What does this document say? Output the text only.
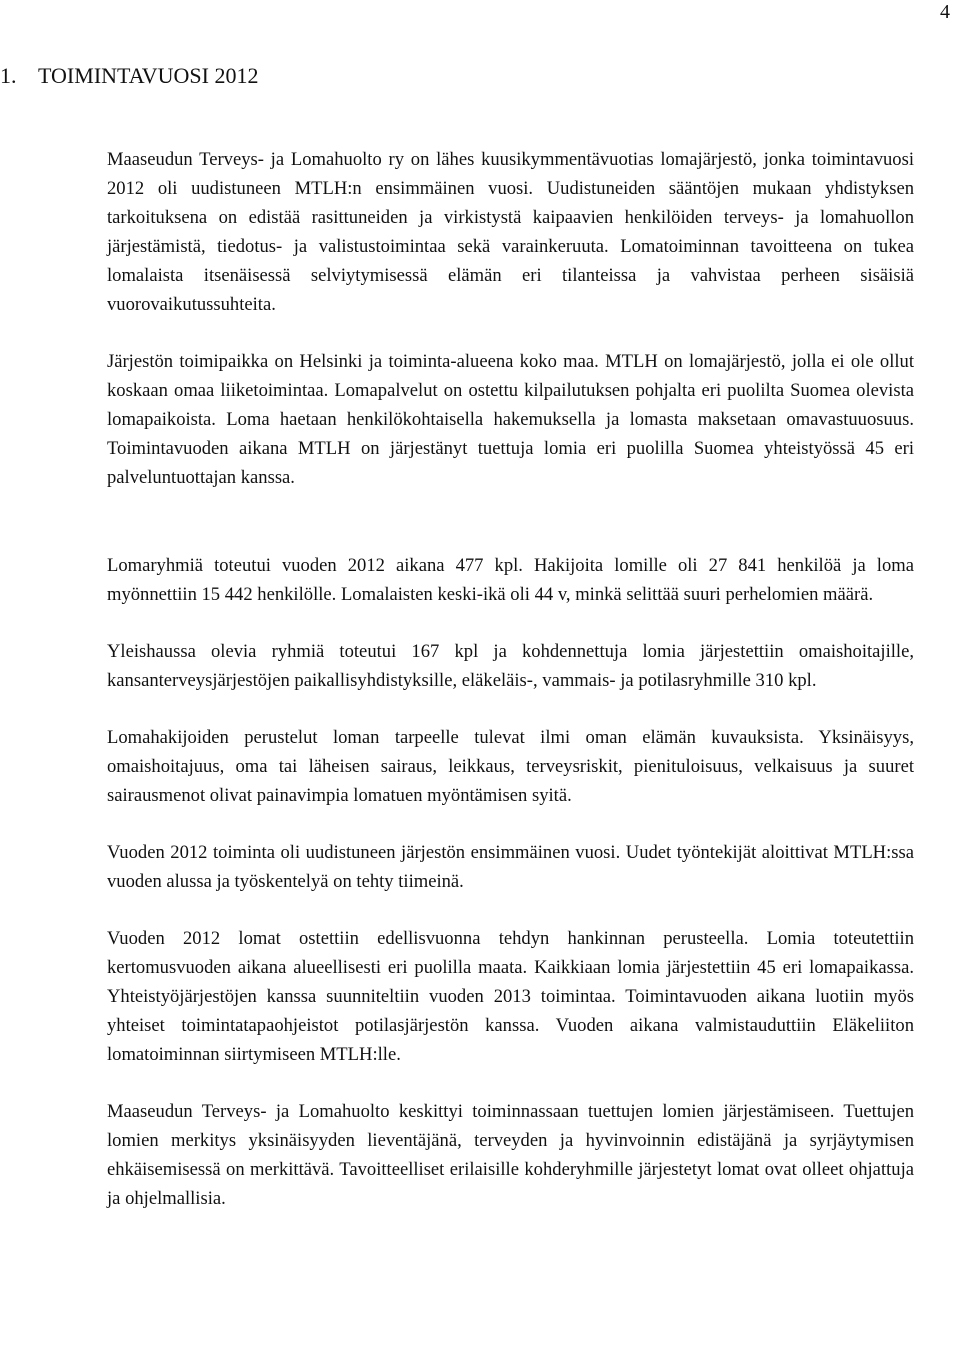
4
1. TOIMINTAVUOSI 2012

Maaseudun Terveys- ja Lomahuolto ry on lähes kuusikymmentävuotias lomajärjestö, jonka toimintavuosi 2012 oli uudistuneen MTLH:n ensimmäinen vuosi. Uudistuneiden sääntöjen mukaan yhdistyksen tarkoituksena on edistää rasittuneiden ja virkistystä kaipaavien henkilöiden terveys- ja lomahuollon järjestämistä, tiedotus- ja valistustoimintaa sekä varainkeruuta. Lomatoiminnan tavoitteena on tukea lomalaista itsenäisessä selviytymisessä elämän eri tilanteissa ja vahvistaa perheen sisäisiä vuorovaikutussuhteita.

Järjestön toimipaikka on Helsinki ja toiminta-alueena koko maa. MTLH on lomajärjestö, jolla ei ole ollut koskaan omaa liiketoimintaa. Lomapalvelut on ostettu kilpailutuksen pohjalta eri puolilta Suomea olevista lomapaikoista. Loma haetaan henkilökohtaisella hakemuksella ja lomasta maksetaan omavastuuosuus. Toimintavuoden aikana MTLH on järjestänyt tuettuja lomia eri puolilla Suomea yhteistyössä 45 eri palveluntuottajan kanssa.

Lomaryhmiä toteutui vuoden 2012 aikana 477 kpl. Hakijoita lomille oli 27 841 henkilöä ja loma myönnettiin 15 442 henkilölle. Lomalaisten keski-ikä oli 44 v, minkä selittää suuri perhelomien määrä.

Yleishaussa olevia ryhmiä toteutui 167 kpl ja kohdennettuja lomia järjestettiin omaishoitajille, kansanterveysjärjestöjen paikallisyhdistyksille, eläkeläis-, vammais- ja potilasryhmille 310 kpl.

Lomahakijoiden perustelut loman tarpeelle tulevat ilmi oman elämän kuvauksista. Yksinäisyys, omaishoitajuus, oma tai läheisen sairaus, leikkaus, terveysriskit, pienituloisuus, velkaisuus ja suuret sairausmenot olivat painavimpia lomatuen myöntämisen syitä.

Vuoden 2012 toiminta oli uudistuneen järjestön ensimmäinen vuosi. Uudet työntekijät aloittivat MTLH:ssa vuoden alussa ja työskentelyä on tehty tiimeinä.

Vuoden 2012 lomat ostettiin edellisvuonna tehdyn hankinnan perusteella. Lomia toteutettiin kertomusvuoden aikana alueellisesti eri puolilla maata. Kaikkiaan lomia järjestettiin 45 eri lomapaikassa. Yhteistyöjärjestöjen kanssa suunniteltiin vuoden 2013 toimintaa. Toimintavuoden aikana luotiin myös yhteiset toimintatapaohjeistot potilasjärjestön kanssa. Vuoden aikana valmistauduttiin Eläkeliiton lomatoiminnan siirtymiseen MTLH:lle.

Maaseudun Terveys- ja Lomahuolto keskittyi toiminnassaan tuettujen lomien järjestämiseen. Tuettujen lomien merkitys yksinäisyyden lieventäjänä, terveyden ja hyvinvoinnin edistäjänä ja syrjäytymisen ehkäisemisessä on merkittävä. Tavoitteelliset erilaisille kohderyhmille järjestetyt lomat ovat olleet ohjattuja ja ohjelmallisia.
